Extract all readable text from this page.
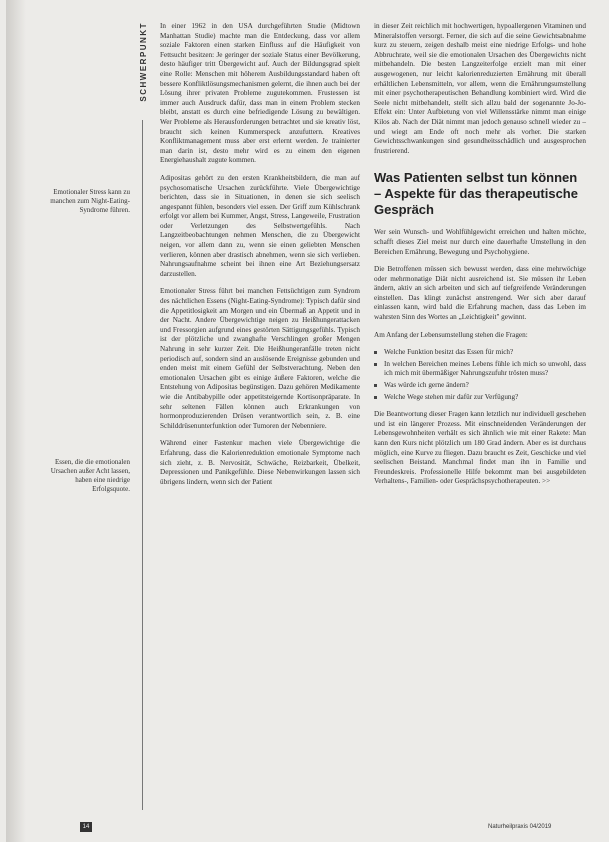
SCHWERPUNKT
Emotionaler Stress kann zu manchen zum Night-Eating-Syndrome führen.
Essen, die die emotionalen Ursachen außer Acht lassen, haben eine niedrige Erfolgsquote.

In einer 1962 in den USA durchgeführten Studie (Midtown Manhattan Studie) machte man die Entdeckung, dass vor allem soziale Faktoren einen starken Einfluss auf die Häufigkeit von Fettsucht besitzen: Je geringer der soziale Status einer Bevölkerung, desto häufiger tritt Übergewicht auf. Auch der Bildungsgrad spielt eine Rolle: Menschen mit höherem Ausbildungsstandard haben oft bessere Konfliktlösungsmechanismen gelernt, die ihnen auch bei der Lösung ihrer privaten Probleme zugutekommen. Frustessen ist immer auch Ausdruck dafür, dass man in einem Problem stecken bleibt, anstatt es durch eine befriedigende Lösung zu bewältigen. Wer Probleme als Herausforderungen betrachtet und sie kreativ löst, braucht sich keinen Kummerspeck anzufuttern. Kreatives Konfliktmanagement muss aber erst erlernt werden. Je trainierter man darin ist, desto mehr wird es zu einem den eigenen Energiehaushalt zugute kommen.

Adipositas gehört zu den ersten Krankheitsbildern, die man auf psychosomatische Ursachen zurückführte. Viele Übergewichtige berichten, dass sie in Situationen, in denen sie sich seelisch angespannt fühlen, besonders viel essen. Der Griff zum Kühlschrank erfolgt vor allem bei Kummer, Angst, Stress, Langeweile, Frustration oder Verletzungen des Selbstwertgefühls. Nach Langzeitbeobachtungen nehmen Menschen, die zu Übergewicht neigen, vor allem dann zu, wenn sie einen geliebten Menschen verlieren, können aber drastisch abnehmen, wenn sie sich verlieben. Nahrungsaufnahme scheint bei ihnen eine Art Beziehungsersatz darzustellen.

Emotionaler Stress führt bei manchen Fettsüchtigen zum Syndrom des nächtlichen Essens (Night-Eating-Syndrome): Typisch dafür sind die Appetitlosigkeit am Morgen und ein Übermaß an Appetit und in der Nacht. Andere Übergewichtige neigen zu Heißhungerattacken und Fressorgien aufgrund eines gestörten Sättigungsgefühls. Typisch ist der plötzliche und zwanghafte Verschlingen großer Mengen Nahrung in sehr kurzer Zeit. Die Heißhungeranfälle treten nicht periodisch auf, sondern sind an auslösende Ereignisse gebunden und enden meist mit einem Gefühl der Selbstverachtung. Neben den emotionalen Ursachen gibt es einige äußere Faktoren, welche die Entstehung von Adipositas begünstigen. Dazu gehören Medikamente wie die Antibabypille oder appetitsteigernde Kortisonpräparate. In sehr seltenen Fällen können auch Erkrankungen von hormonproduzierenden Drüsen verantwortlich sein, z. B. eine Schilddrüsenunterfunktion oder Tumoren der Nebenniere.

Während einer Fastenkur machen viele Übergewichtige die Erfahrung, dass die Kalorienreduktion emotionale Symptome nach sich zieht, z. B. Nervosität, Schwäche, Reizbarkeit, Übelkeit, Depressionen und Panikgefühle. Diese Nebenwirkungen lassen sich übrigens lindern, wenn sich der Patient

in dieser Zeit reichlich mit hochwertigen, hypoallergenen Vitaminen und Mineralstoffen versorgt. Ferner, die sich auf die seine Gewichtsabnahme kurz zu steuern, zeigen deshalb meist eine niedrige Erfolgs- und hohe Abbruchrate, weil sie die emotionalen Ursachen des Übergewichts nicht mitbehandeln. Die besten Langzeiterfolge erzielt man mit einer ausgewogenen, nur leicht kalorienreduzierten Ernährung mit überall erhältlichen Lebensmitteln, vor allem, wenn die Ernährungsumstellung mit einer psychotherapeutischen Behandlung kombiniert wird. Wird die Seele nicht mitbehandelt, stellt sich allzu bald der sogenannte Jo-Jo-Effekt ein: Unter Aufbietung von viel Willensstärke nimmt man einige Kilos ab. Nach der Diät nimmt man jedoch genauso schnell wieder zu – und wiegt am Ende oft noch mehr als vorher. Die starken Gewichtsschwankungen sind gesundheitsschädlich und ausgesprochen frustrierend.

Was Patienten selbst tun können – Aspekte für das therapeutische Gespräch

Wer sein Wunsch- und Wohlfühlgewicht erreichen und halten möchte, schafft dieses Ziel meist nur durch eine dauerhafte Umstellung in den Bereichen Ernährung, Bewegung und Psychohygiene.

Die Betroffenen müssen sich bewusst werden, dass eine mehrwöchige oder mehrmonatige Diät nicht ausreichend ist. Sie müssen ihr Leben ändern, aktiv an sich arbeiten und sich auf tiefgreifende Veränderungen einstellen. Das klingt zunächst anstrengend. Wer sich aber darauf einlassen kann, wird bald die Erfahrung machen, dass das Leben im wahrsten Sinn des Wortes an „Leichtigkeit" gewinnt.

Am Anfang der Lebensumstellung stehen die Fragen:

Welche Funktion besitzt das Essen für mich?
In welchen Bereichen meines Lebens fühle ich mich so unwohl, dass ich mich mit übermäßiger Nahrungszufuhr trösten muss?
Was würde ich gerne ändern?
Welche Wege stehen mir dafür zur Verfügung?

Die Beantwortung dieser Fragen kann letztlich nur individuell geschehen und ist ein längerer Prozess. Mit einschneidenden Veränderungen der Lebensgewohnheiten verhält es sich ähnlich wie mit einer Rakete: Man kann den Kurs nicht plötzlich um 180 Grad ändern. Aber es ist durchaus möglich, eine Kurve zu fliegen. Dazu braucht es Zeit, Geschicke und viel seelischen Beistand. Manchmal findet man ihn in Familie und Freundeskreis. Professionelle Hilfe bekommt man bei ausgebildeten Verhaltens-, Familien- oder Gesprächspsychotherapeuten. >>

14	Naturheilpraxis 04/2019
